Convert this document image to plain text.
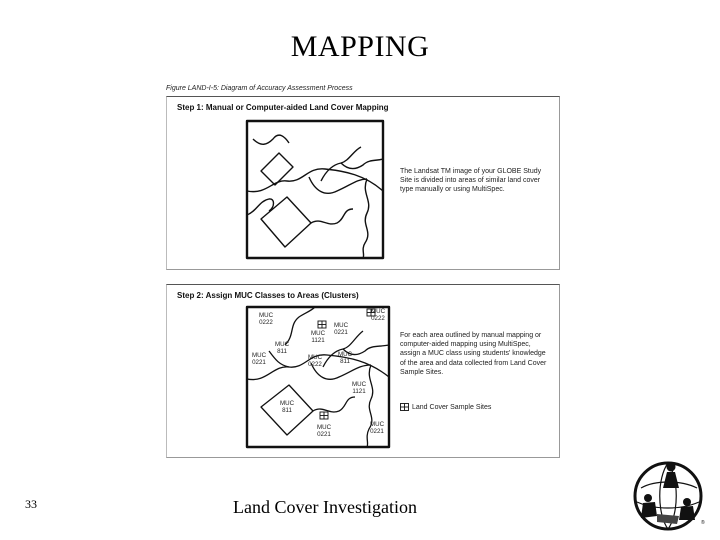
MAPPING
Figure LAND-I-5: Diagram of Accuracy Assessment Process
Step 1: Manual or Computer-aided Land Cover Mapping
The Landsat TM image of your GLOBE Study Site is divided into areas of similar land cover type manually or using MultiSpec.
Step 2: Assign MUC Classes to Areas (Clusters)
MUC 0222
MUC 0222
MUC 0221
MUC 1121
MUC 811
MUC 0221
MUC 0222
MUC 811
MUC 1121
MUC 811
MUC 0221
MUC 0221
For each area outlined by manual mapping or computer-aided mapping using MultiSpec, assign a MUC class using students' knowledge of the area and data collected from Land Cover Sample Sites.
Land Cover Sample Sites
33	Land Cover Investigation
®
